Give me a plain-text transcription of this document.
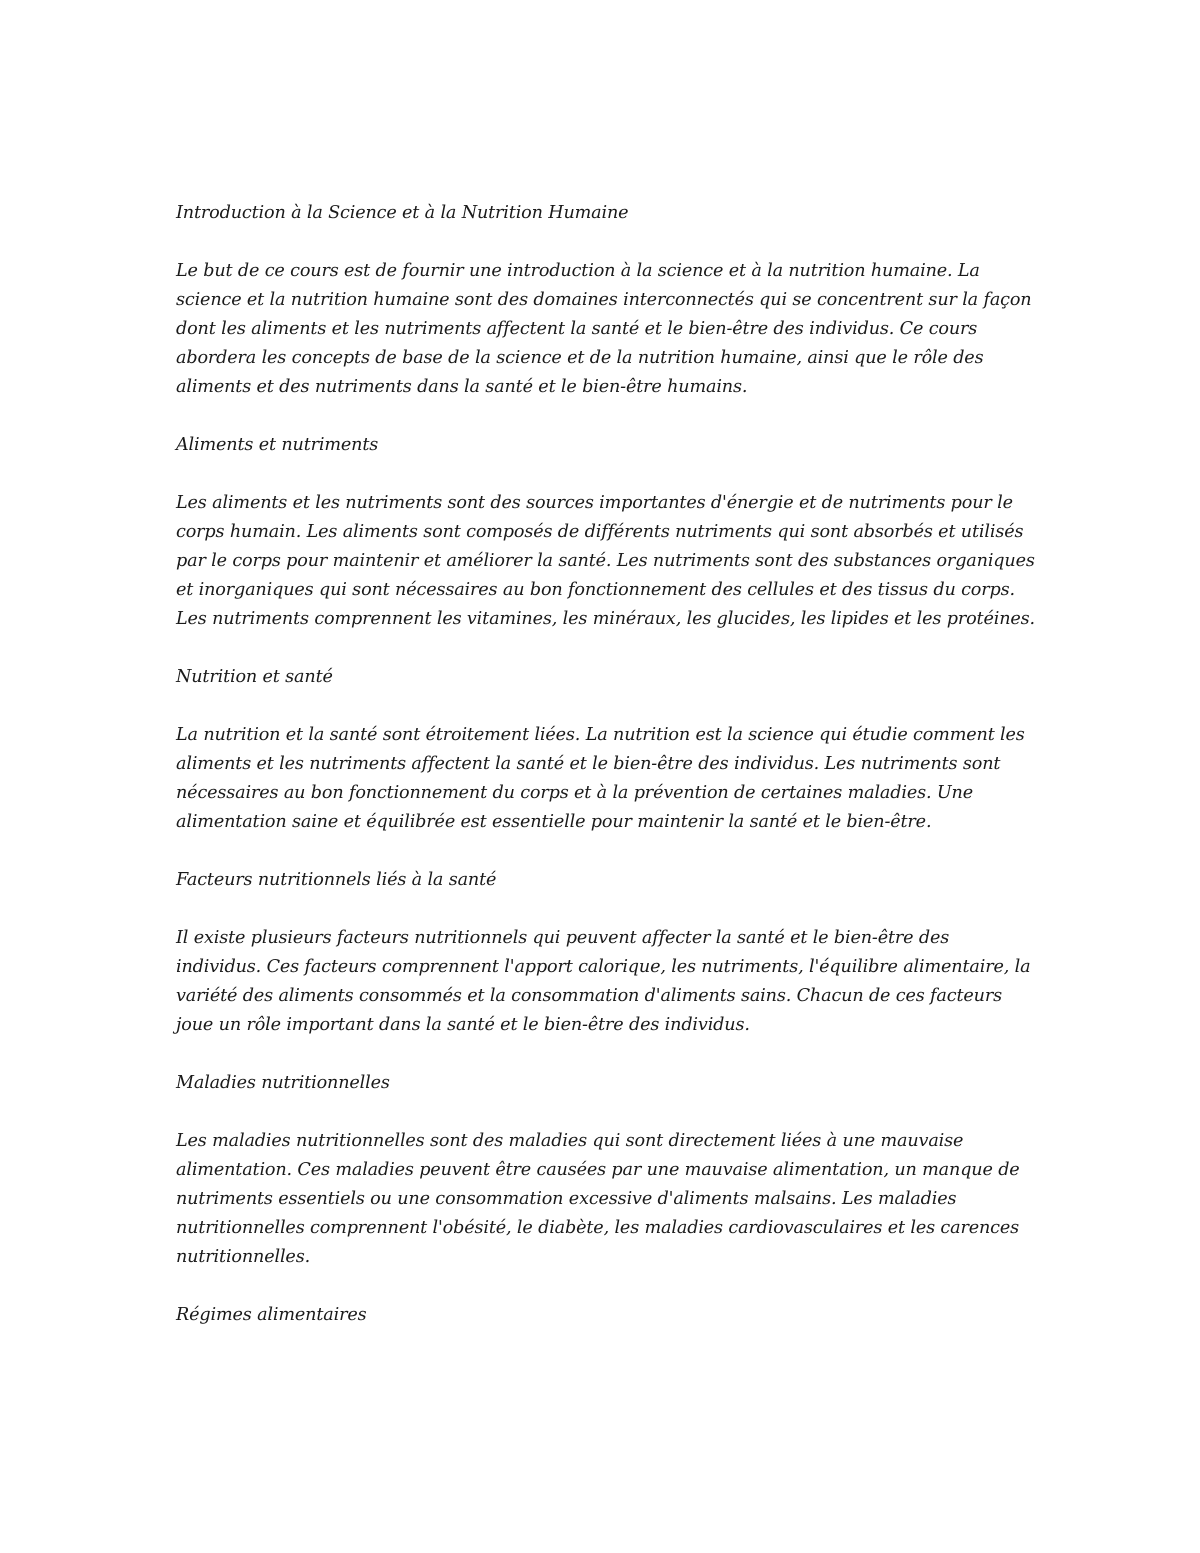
Introduction à la Science et à la Nutrition Humaine

Le but de ce cours est de fournir une introduction à la science et à la nutrition humaine. La science et la nutrition humaine sont des domaines interconnectés qui se concentrent sur la façon dont les aliments et les nutriments affectent la santé et le bien-être des individus. Ce cours abordera les concepts de base de la science et de la nutrition humaine, ainsi que le rôle des aliments et des nutriments dans la santé et le bien-être humains.

Aliments et nutriments

Les aliments et les nutriments sont des sources importantes d'énergie et de nutriments pour le corps humain. Les aliments sont composés de différents nutriments qui sont absorbés et utilisés par le corps pour maintenir et améliorer la santé. Les nutriments sont des substances organiques et inorganiques qui sont nécessaires au bon fonctionnement des cellules et des tissus du corps. Les nutriments comprennent les vitamines, les minéraux, les glucides, les lipides et les protéines.

Nutrition et santé

La nutrition et la santé sont étroitement liées. La nutrition est la science qui étudie comment les aliments et les nutriments affectent la santé et le bien-être des individus. Les nutriments sont nécessaires au bon fonctionnement du corps et à la prévention de certaines maladies. Une alimentation saine et équilibrée est essentielle pour maintenir la santé et le bien-être.

Facteurs nutritionnels liés à la santé

Il existe plusieurs facteurs nutritionnels qui peuvent affecter la santé et le bien-être des individus. Ces facteurs comprennent l'apport calorique, les nutriments, l'équilibre alimentaire, la variété des aliments consommés et la consommation d'aliments sains. Chacun de ces facteurs joue un rôle important dans la santé et le bien-être des individus.

Maladies nutritionnelles

Les maladies nutritionnelles sont des maladies qui sont directement liées à une mauvaise alimentation. Ces maladies peuvent être causées par une mauvaise alimentation, un manque de nutriments essentiels ou une consommation excessive d'aliments malsains. Les maladies nutritionnelles comprennent l'obésité, le diabète, les maladies cardiovasculaires et les carences nutritionnelles.

Régimes alimentaires
